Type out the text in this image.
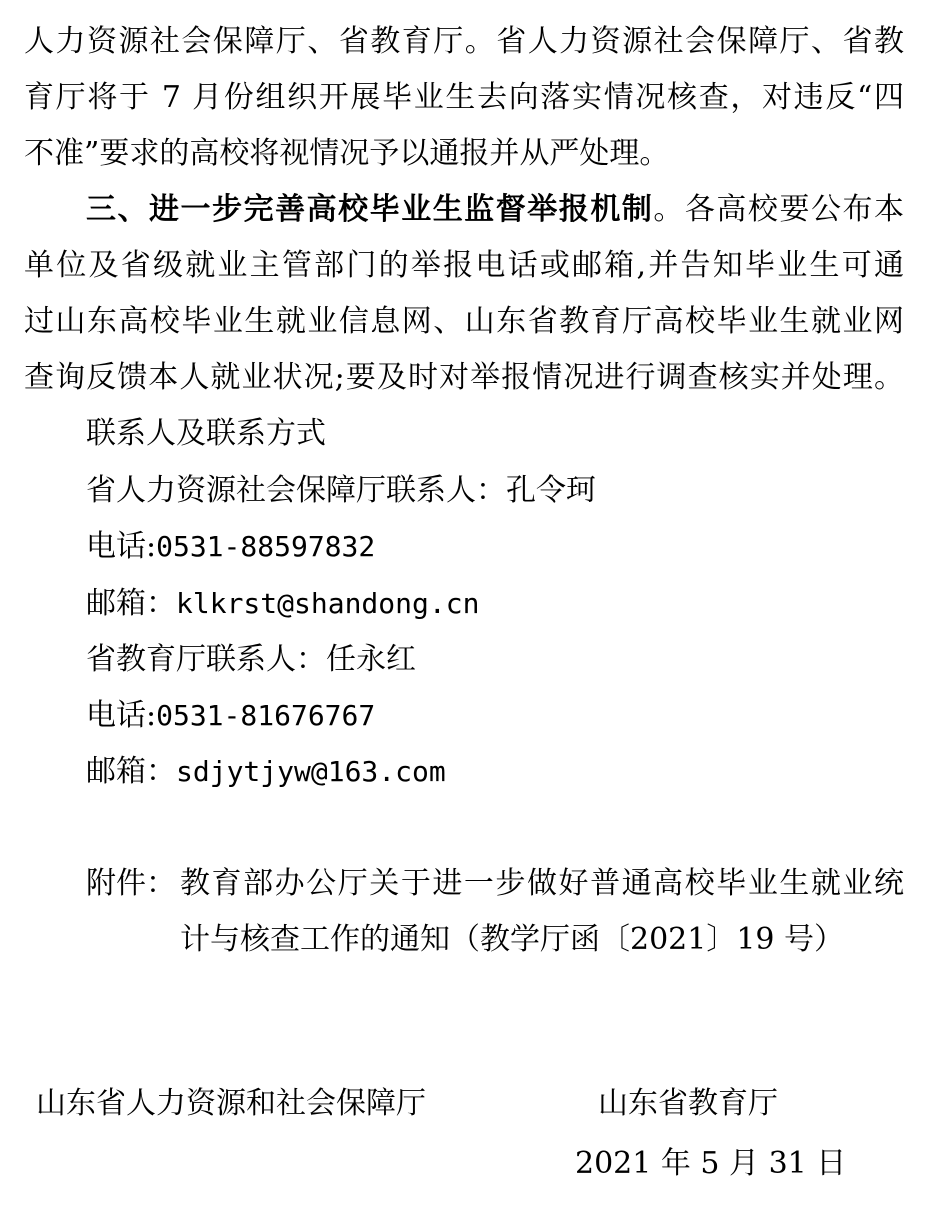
人力资源社会保障厅、省教育厅。省人力资源社会保障厅、省教
育厅将于 7 月份组织开展毕业生去向落实情况核查，对违反“四
不准”要求的高校将视情况予以通报并从严处理。
三、进一步完善高校毕业生监督举报机制。各高校要公布本
单位及省级就业主管部门的举报电话或邮箱,并告知毕业生可通
过山东高校毕业生就业信息网、山东省教育厅高校毕业生就业网
查询反馈本人就业状况;要及时对举报情况进行调查核实并处理。
联系人及联系方式
省人力资源社会保障厅联系人：孔令珂
电话:0531-88597832
邮箱：klkrst@shandong.cn
省教育厅联系人：任永红
电话:0531-81676767
邮箱：sdjytjyw@163.com
附件： 教育部办公厅关于进一步做好普通高校毕业生就业统
计与核查工作的通知（教学厅函〔2021〕19 号）
山东省人力资源和社会保障厅	山东省教育厅
2021 年 5 月 31 日
